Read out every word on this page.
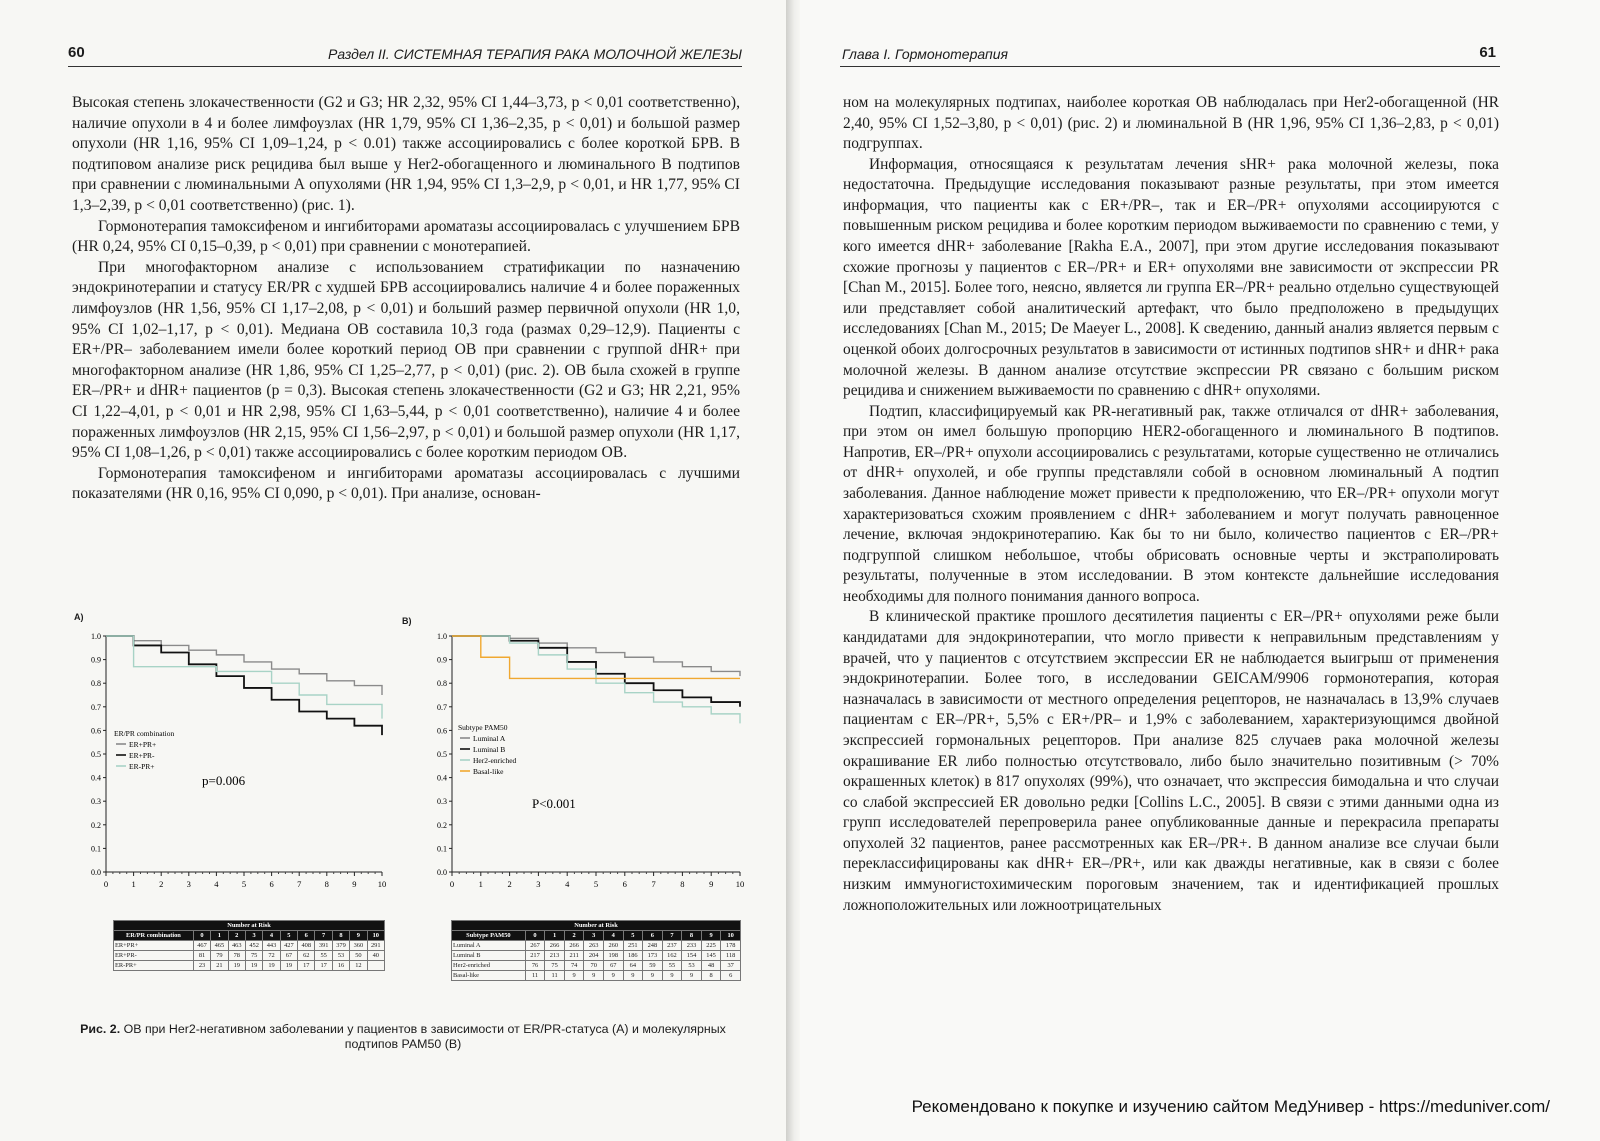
60	Раздел II. СИСТЕМНАЯ ТЕРАПИЯ РАКА МОЛОЧНОЙ ЖЕЛЕЗЫ

Высокая степень злокачественности (G2 и G3; HR 2,32, 95% CI 1,44–3,73, p < 0,01 соответственно), наличие опухоли в 4 и более лимфоузлах (HR 1,79, 95% CI 1,36–2,35, p < 0,01) и большой размер опухоли (HR 1,16, 95% CI 1,09–1,24, p < 0.01) также ассоциировались с более короткой БРВ. В подтиповом анализе риск рецидива был выше у Her2-обогащенного и люминального B подтипов при сравнении с люминальными А опухолями (HR 1,94, 95% CI 1,3–2,9, p < 0,01, и HR 1,77, 95% CI 1,3–2,39, p < 0,01 соответственно) (рис. 1).

Гормонотерапия тамоксифеном и ингибиторами ароматазы ассоциировалась с улучшением БРВ (HR 0,24, 95% CI 0,15–0,39, p < 0,01) при сравнении с монотерапией.

При многофакторном анализе с использованием стратификации по назначению эндокринотерапии и статусу ER/PR с худшей БРВ ассоциировались наличие 4 и более пораженных лимфоузлов (HR 1,56, 95% CI 1,17–2,08, p < 0,01) и больший размер первичной опухоли (HR 1,0, 95% CI 1,02–1,17, p < 0,01). Медиана ОВ составила 10,3 года (размах 0,29–12,9). Пациенты с ER+/PR– заболеванием имели более короткий период ОВ при сравнении с группой dHR+ при многофакторном анализе (HR 1,86, 95% CI 1,25–2,77, p < 0,01) (рис. 2). ОВ была схожей в группе ER–/PR+ и dHR+ пациентов (p = 0,3). Высокая степень злокачественности (G2 и G3; HR 2,21, 95% CI 1,22–4,01, p < 0,01 и HR 2,98, 95% CI 1,63–5,44, p < 0,01 соответственно), наличие 4 и более пораженных лимфоузлов (HR 2,15, 95% CI 1,56–2,97, p < 0,01) и большой размер опухоли (HR 1,17, 95% CI 1,08–1,26, p < 0,01) также ассоциировались с более коротким периодом ОВ.

Гормонотерапия тамоксифеном и ингибиторами ароматазы ассоциировалась с лучшими показателями (HR 0,16, 95% CI 0,090, p < 0,01). При анализе, основан-

A)	B)
0.0
0.1
0.2
0.3
0.4
0.5
0.6
0.7
0.8
0.9
1.0
0	1	2	3	4	5	6	7	8	9 10
ER/PR combination
ER+PR+
ER+PR-
ER-PR+
p=0.006
0.0
0.1
0.2
0.3
0.4
0.5
0.6
0.7
0.8
0.9
1.0
0	1	2	3	4	5	6	7	8	9	10
Subtype PAM50
Luminal A
Luminal B
Her2-enriched
Basal-like
P<0.001
Number at Risk											
ER/PR combination	0	1	2	3	4	5	6	7	8	9	10
ER+PR+	467	465	463	452	443	427	408	391	379	360	291
ER+PR-	81	79	78	75	72	67	62	55	53	50	40
ER-PR+	23	21	19	19	19	19	17	17	16	12	
Number at Risk											
Subtype PAM50	0	1	2	3	4	5	6	7	8	9	10
Luminal A	267	266	266	263	260	251	248	237	233	225	178
Luminal B	217	213	211	204	198	186	173	162	154	145	118
Her2-enriched	76	75	74	70	67	64	59	55	53	48	37
Basal-like	11	11	9	9	9	9	9	9	9	8	6
Рис. 2. ОВ при Her2-негативном заболевании у пациентов в зависимости от ER/PR-статуса (A) и молекулярных подтипов PAM50 (B)
Глава I. Гормонотерапия	61

ном на молекулярных подтипах, наиболее короткая ОВ наблюдалась при Her2-обогащенной (HR 2,40, 95% CI 1,52–3,80, p < 0,01) (рис. 2) и люминальной B (HR 1,96, 95% CI 1,36–2,83, p < 0,01) подгруппах.

Информация, относящаяся к результатам лечения sHR+ рака молочной железы, пока недостаточна. Предыдущие исследования показывают разные результаты, при этом имеется информация, что пациенты как с ER+/PR–, так и ER–/PR+ опухолями ассоциируются с повышенным риском рецидива и более коротким периодом выживаемости по сравнению с теми, у кого имеется dHR+ заболевание [Rakha E.A., 2007], при этом другие исследования показывают схожие прогнозы у пациентов с ER–/PR+ и ER+ опухолями вне зависимости от экспрессии PR [Chan M., 2015]. Более того, неясно, является ли группа ER–/PR+ реально отдельно существующей или представляет собой аналитический артефакт, что было предположено в предыдущих исследованиях [Chan M., 2015; De Maeyer L., 2008]. К сведению, данный анализ является первым с оценкой обоих долгосрочных результатов в зависимости от истинных подтипов sHR+ и dHR+ рака молочной железы. В данном анализе отсутствие экспрессии PR связано с большим риском рецидива и снижением выживаемости по сравнению с dHR+ опухолями.

Подтип, классифицируемый как PR-негативный рак, также отличался от dHR+ заболевания, при этом он имел большую пропорцию HER2-обогащенного и люминального B подтипов. Напротив, ER–/PR+ опухоли ассоциировались с результатами, которые существенно не отличались от dHR+ опухолей, и обе группы представляли собой в основном люминальный А подтип заболевания. Данное наблюдение может привести к предположению, что ER–/PR+ опухоли могут характеризоваться схожим проявлением с dHR+ заболеванием и могут получать равноценное лечение, включая эндокринотерапию. Как бы то ни было, количество пациентов с ER–/PR+ подгруппой слишком небольшое, чтобы обрисовать основные черты и экстраполировать результаты, полученные в этом исследовании. В этом контексте дальнейшие исследования необходимы для полного понимания данного вопроса.

В клинической практике прошлого десятилетия пациенты с ER–/PR+ опухолями реже были кандидатами для эндокринотерапии, что могло привести к неправильным представлениям у врачей, что у пациентов с отсутствием экспрессии ER не наблюдается выигрыш от применения эндокринотерапии. Более того, в исследовании GEICAM/9906 гормонотерапия, которая назначалась в зависимости от местного определения рецепторов, не назначалась в 13,9% случаев пациентам с ER–/PR+, 5,5% с ER+/PR– и 1,9% с заболеванием, характеризующимся двойной экспрессией гормональных рецепторов. При анализе 825 случаев рака молочной железы окрашивание ER либо полностью отсутствовало, либо было значительно позитивным (> 70% окрашенных клеток) в 817 опухолях (99%), что означает, что экспрессия бимодальна и что случаи со слабой экспрессией ER довольно редки [Collins L.C., 2005]. В связи с этими данными одна из групп исследователей перепроверила ранее опубликованные данные и перекрасила препараты опухолей 32 пациентов, ранее рассмотренных как ER–/PR+. В данном анализе все случаи были переклассифицированы как dHR+ ER–/PR+, или как дважды негативные, как в связи с более низким иммуногистохимическим пороговым значением, так и идентификацией прошлых ложноположительных или ложноотрицательных

Рекомендовано к покупке и изучению сайтом МедУнивер - https://meduniver.com/
